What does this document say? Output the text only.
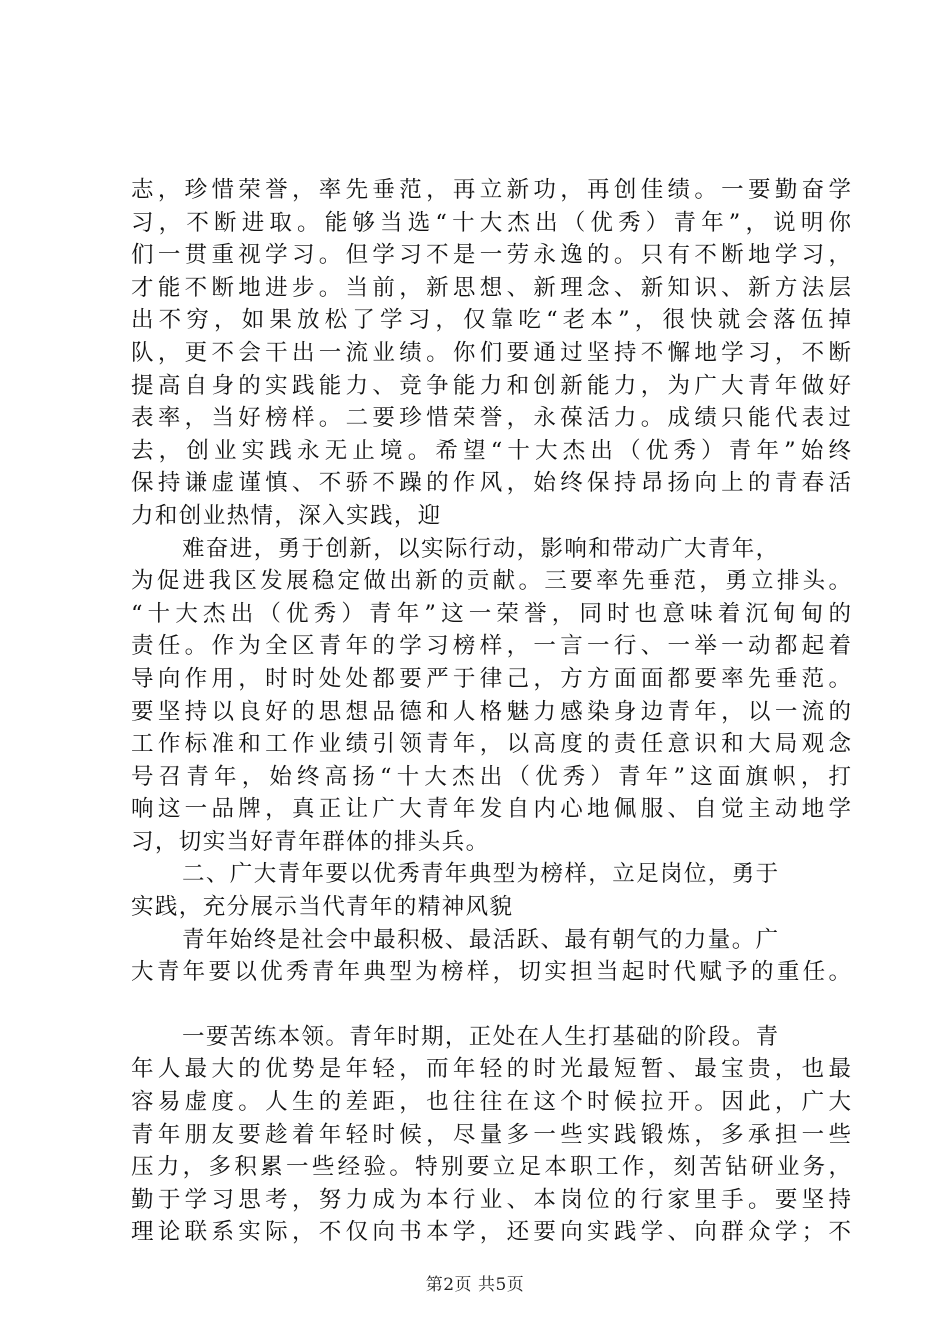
志，珍惜荣誉，率先垂范，再立新功，再创佳绩。一要勤奋学
习，不断进取。能够当选“十大杰出（优秀）青年”，说明你
们一贯重视学习。但学习不是一劳永逸的。只有不断地学习，
才能不断地进步。当前，新思想、新理念、新知识、新方法层
出不穷，如果放松了学习，仅靠吃“老本”，很快就会落伍掉
队，更不会干出一流业绩。你们要通过坚持不懈地学习，不断
提高自身的实践能力、竞争能力和创新能力，为广大青年做好
表率，当好榜样。二要珍惜荣誉，永葆活力。成绩只能代表过
去，创业实践永无止境。希望“十大杰出（优秀）青年”始终
保持谦虚谨慎、不骄不躁的作风，始终保持昂扬向上的青春活
力和创业热情，深入实践，迎
难奋进，勇于创新，以实际行动，影响和带动广大青年，
为促进我区发展稳定做出新的贡献。三要率先垂范，勇立排头。
“十大杰出（优秀）青年”这一荣誉，同时也意味着沉甸甸的
责任。作为全区青年的学习榜样，一言一行、一举一动都起着
导向作用，时时处处都要严于律己，方方面面都要率先垂范。
要坚持以良好的思想品德和人格魅力感染身边青年，以一流的
工作标准和工作业绩引领青年，以高度的责任意识和大局观念
号召青年，始终高扬“十大杰出（优秀）青年”这面旗帜，打
响这一品牌，真正让广大青年发自内心地佩服、自觉主动地学
习，切实当好青年群体的排头兵。
二、广大青年要以优秀青年典型为榜样，立足岗位，勇于
实践，充分展示当代青年的精神风貌
青年始终是社会中最积极、最活跃、最有朝气的力量。广
大青年要以优秀青年典型为榜样，切实担当起时代赋予的重任。
一要苦练本领。青年时期，正处在人生打基础的阶段。青
年人最大的优势是年轻，而年轻的时光最短暂、最宝贵，也最
容易虚度。人生的差距，也往往在这个时候拉开。因此，广大
青年朋友要趁着年轻时候，尽量多一些实践锻炼，多承担一些
压力，多积累一些经验。特别要立足本职工作，刻苦钻研业务，
勤于学习思考，努力成为本行业、本岗位的行家里手。要坚持
理论联系实际，不仅向书本学，还要向实践学、向群众学；不
第2页 共5页
